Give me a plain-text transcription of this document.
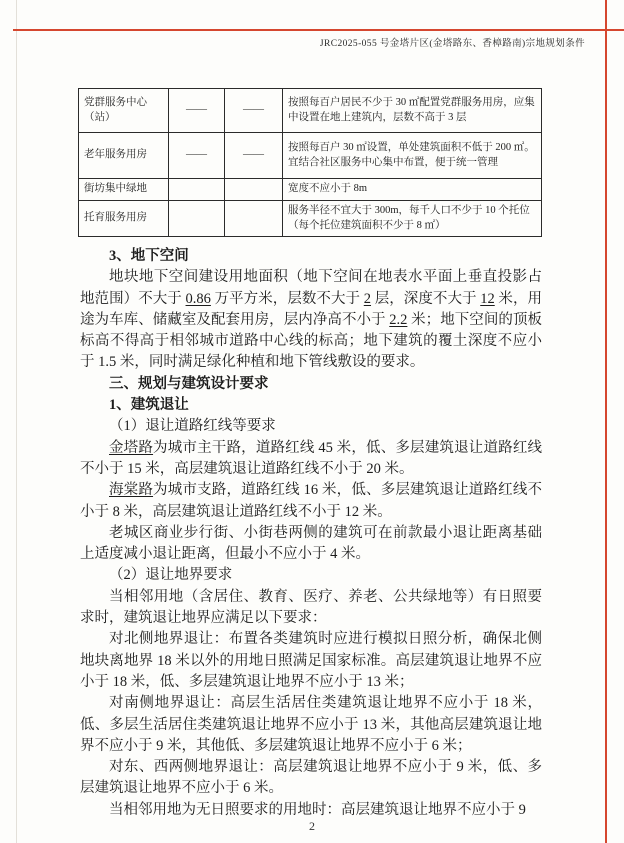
JRC2025-055 号金塔片区(金塔路东、香樟路南)宗地规划条件
党群服务中心（站）	——	——	按照每百户居民不少于 30 ㎡配置党群服务用房，应集中设置在地上建筑内，层数不高于 3 层
老年服务用房	——	——	按照每百户 30 ㎡设置，单处建筑面积不低于 200 ㎡。宜结合社区服务中心集中布置，便于统一管理
街坊集中绿地			宽度不应小于 8m
托育服务用房			服务半径不宜大于 300m，每千人口不少于 10 个托位（每个托位建筑面积不少于 8 ㎡）

3、地下空间

地块地下空间建设用地面积（地下空间在地表水平面上垂直投影占地范围）不大于 0.86 万平方米，层数不大于 2 层，深度不大于 12 米，用途为车库、储藏室及配套用房，层内净高不小于 2.2 米；地下空间的顶板标高不得高于相邻城市道路中心线的标高；地下建筑的覆土深度不应小于 1.5 米，同时满足绿化种植和地下管线敷设的要求。

三、规划与建筑设计要求

1、建筑退让

（1）退让道路红线等要求

金塔路为城市主干路，道路红线 45 米，低、多层建筑退让道路红线不小于 15 米，高层建筑退让道路红线不小于 20 米。

海棠路为城市支路，道路红线 16 米，低、多层建筑退让道路红线不小于 8 米，高层建筑退让道路红线不小于 12 米。

老城区商业步行街、小街巷两侧的建筑可在前款最小退让距离基础上适度减小退让距离，但最小不应小于 4 米。

（2）退让地界要求

当相邻用地（含居住、教育、医疗、养老、公共绿地等）有日照要求时，建筑退让地界应满足以下要求：

对北侧地界退让：布置各类建筑时应进行模拟日照分析，确保北侧地块离地界 18 米以外的用地日照满足国家标准。高层建筑退让地界不应小于 18 米，低、多层建筑退让地界不应小于 13 米；

对南侧地界退让：高层生活居住类建筑退让地界不应小于 18 米，低、多层生活居住类建筑退让地界不应小于 13 米，其他高层建筑退让地界不应小于 9 米，其他低、多层建筑退让地界不应小于 6 米；

对东、西两侧地界退让：高层建筑退让地界不应小于 9 米，低、多层建筑退让地界不应小于 6 米。

当相邻用地为无日照要求的用地时：高层建筑退让地界不应小于 9

2
